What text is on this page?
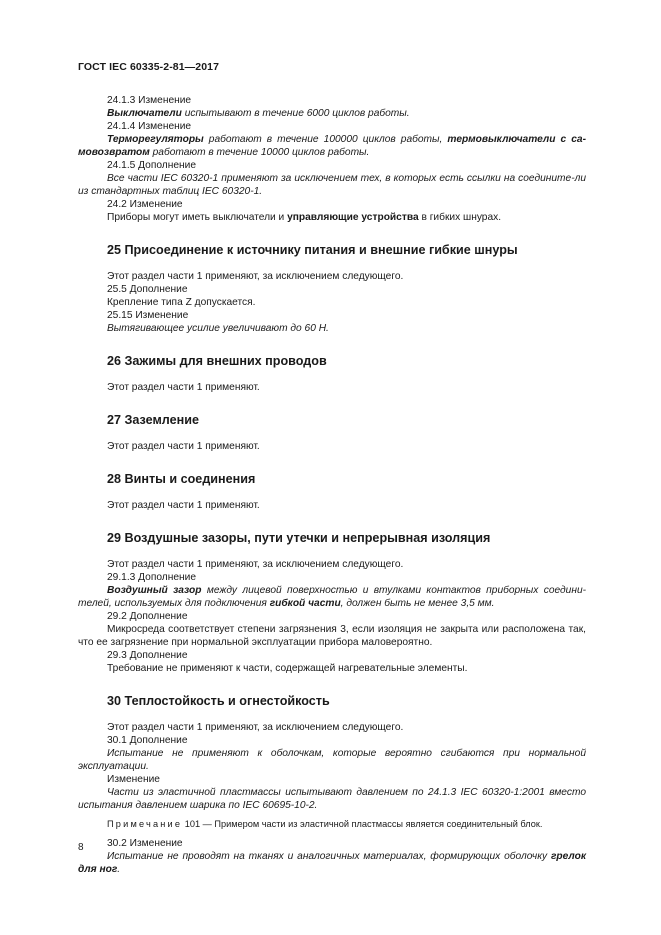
ГОСТ IEC 60335-2-81—2017

24.1.3 Изменение

Выключатели испытывают в течение 6000 циклов работы.

24.1.4 Изменение

Терморегуляторы работают в течение 100000 циклов работы, термовыключатели с са-мовозвратом работают в течение 10000 циклов работы.

24.1.5 Дополнение

Все части IEC 60320-1 применяют за исключением тех, в которых есть ссылки на соедините-ли из стандартных таблиц IEC 60320-1.

24.2 Изменение

Приборы могут иметь выключатели и управляющие устройства в гибких шнурах.

25 Присоединение к источнику питания и внешние гибкие шнуры

Этот раздел части 1 применяют, за исключением следующего.

25.5 Дополнение

Крепление типа Z допускается.

25.15 Изменение

Вытягивающее усилие увеличивают до 60 Н.

26 Зажимы для внешних проводов

Этот раздел части 1 применяют.

27 Заземление

Этот раздел части 1 применяют.

28 Винты и соединения

Этот раздел части 1 применяют.

29 Воздушные зазоры, пути утечки и непрерывная изоляция

Этот раздел части 1 применяют, за исключением следующего.

29.1.3 Дополнение

Воздушный зазор между лицевой поверхностью и втулками контактов приборных соедини-телей, используемых для подключения гибкой части, должен быть не менее 3,5 мм.

29.2 Дополнение

Микросреда соответствует степени загрязнения 3, если изоляция не закрыта или расположена так, что ее загрязнение при нормальной эксплуатации прибора маловероятно.

29.3 Дополнение

Требование не применяют к части, содержащей нагревательные элементы.

30 Теплостойкость и огнестойкость

Этот раздел части 1 применяют, за исключением следующего.

30.1 Дополнение

Испытание не применяют к оболочкам, которые вероятно сгибаются при нормальной эксплуатации.

Изменение

Части из эластичной пластмассы испытывают давлением по 24.1.3 IEC 60320-1:2001 вместо испытания давлением шарика по IEC 60695-10-2.

Примечание 101 — Примером части из эластичной пластмассы является соединительный блок.

30.2 Изменение

Испытание не проводят на тканях и аналогичных материалах, формирующих оболочку грелок для ног.

8
